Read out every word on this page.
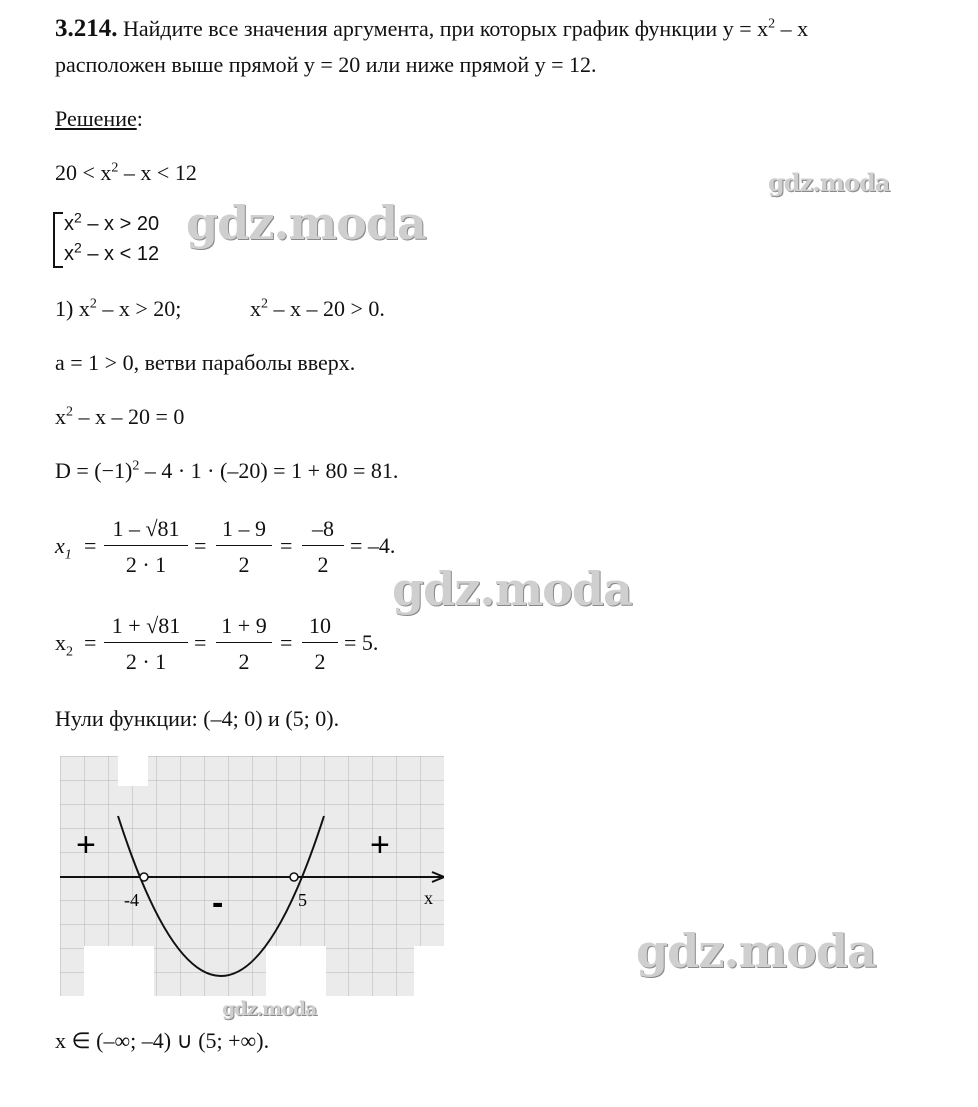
3.214. Найдите все значения аргумента, при которых график функции $y = x^2 - x$
расположен выше прямой y = 20 или ниже прямой y = 12.
Решение:
$20 < x^2 - x < 12$
$x^2 - x > 20$
$x^2 - x < 12$
1) $x^2 - x > 20$;	$x^2 - x - 20 > 0$.
a = 1 > 0, ветви параболы вверх.
$x^2 - x - 20 = 0$
$D = (-1)^2 - 4 \cdot 1 \cdot (-20) = 1 + 80 = 81$.
$x_1 = \frac{1 - √81}{2 \cdot 1} = \frac{1 - 9}{2} = \frac{-8}{2} = -4$.
$x_2 = \frac{1 + √81}{2 \cdot 1} = \frac{1 + 9}{2} = \frac{10}{2} = 5$.
Нули функции: (–4; 0) и (5; 0).
-4	5	x
+	+
-
x ∈ (–∞; –4) ∪ (5; +∞).
gdz.moda
gdz.moda
gdz.moda
gdz.moda
gdz.moda
